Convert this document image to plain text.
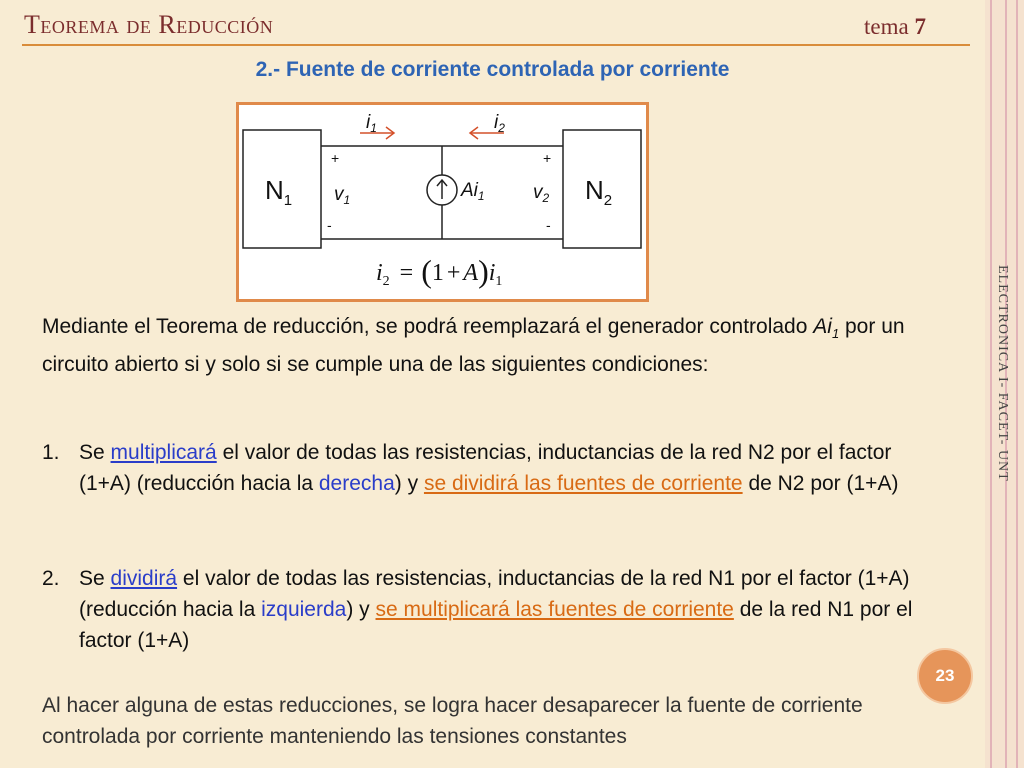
Teorema de Reducción	tema 7
2.- Fuente de corriente controlada por corriente
ELECTRONICA I- FACET- UNT
$N_1$	$N_2$
$Ai_1$
$i_1$	$i_2$
+	+
$v_1$	$v_2$
-	-
$i_2 = (1 + A)i_1$
Mediante el Teorema de reducción, se podrá reemplazará el generador controlado $Ai_1$ por un circuito abierto si y solo si se cumple una de las siguientes condiciones:
1. Se multiplicará el valor de todas las resistencias, inductancias de la red N2 por el factor (1+A) (reducción hacia la derecha) y se dividirá las fuentes de corriente de N2 por (1+A)
2. Se dividirá el valor de todas las resistencias, inductancias de la red N1 por el factor (1+A) (reducción hacia la izquierda) y se multiplicará las fuentes de corriente de la red N1 por el factor (1+A)
Al hacer alguna de estas reducciones, se logra hacer desaparecer la fuente de corriente controlada por corriente manteniendo las tensiones constantes
23
